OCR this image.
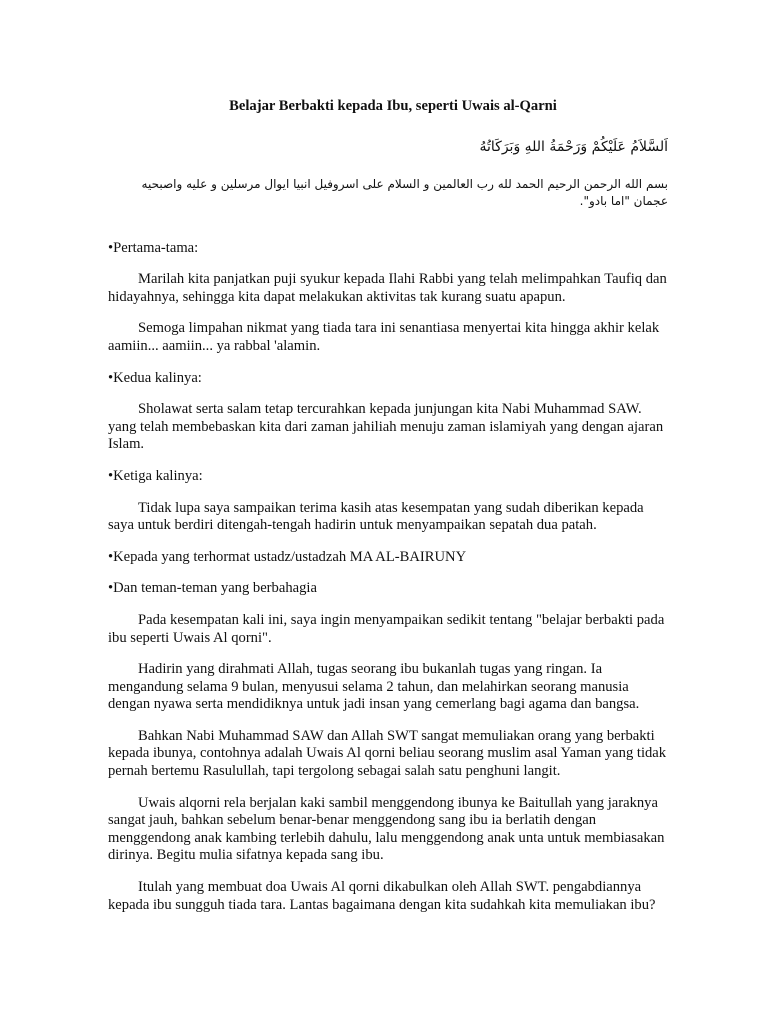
Belajar Berbakti kepada Ibu, seperti Uwais al-Qarni
اَلسَّلاَمُ عَلَيْكُمْ وَرَحْمَةُ اللهِ وَبَرَكَاتُهُ
بسم الله الرحمن الرحيم الحمد لله رب العالمين و السلام على اسروفيل انبيا ايوال مرسلين و عليه واصبحيه عجمان "اما بادو".
•Pertama-tama:
Marilah kita panjatkan puji syukur kepada Ilahi Rabbi yang telah melimpahkan Taufiq dan hidayahnya, sehingga kita dapat melakukan aktivitas tak kurang suatu apapun.
Semoga limpahan nikmat yang tiada tara ini senantiasa menyertai kita hingga akhir kelak aamiin... aamiin... ya rabbal 'alamin.
•Kedua kalinya:
Sholawat serta salam tetap tercurahkan kepada junjungan kita Nabi Muhammad SAW. yang telah membebaskan kita dari zaman jahiliah menuju zaman islamiyah yang dengan ajaran Islam.
•Ketiga kalinya:
Tidak lupa saya sampaikan terima kasih atas kesempatan yang sudah diberikan kepada saya untuk berdiri ditengah-tengah hadirin untuk menyampaikan sepatah dua patah.
•Kepada yang terhormat ustadz/ustadzah MA AL-BAIRUNY
•Dan teman-teman yang berbahagia
Pada kesempatan kali ini, saya ingin menyampaikan sedikit tentang "belajar berbakti pada ibu seperti Uwais Al qorni".
Hadirin yang dirahmati Allah, tugas seorang ibu bukanlah tugas yang ringan. Ia mengandung selama 9 bulan, menyusui selama 2 tahun, dan melahirkan seorang manusia dengan nyawa serta mendidiknya untuk jadi insan yang cemerlang bagi agama dan bangsa.
Bahkan Nabi Muhammad SAW dan Allah SWT sangat memuliakan orang yang berbakti kepada ibunya, contohnya adalah Uwais Al qorni beliau seorang muslim asal Yaman yang tidak pernah bertemu Rasulullah, tapi tergolong sebagai salah satu penghuni langit.
Uwais alqorni rela berjalan kaki sambil menggendong ibunya ke Baitullah yang jaraknya sangat jauh, bahkan sebelum benar-benar menggendong sang ibu ia berlatih dengan menggendong anak kambing terlebih dahulu, lalu menggendong anak unta untuk membiasakan dirinya. Begitu mulia sifatnya kepada sang ibu.
Itulah yang membuat doa Uwais Al qorni dikabulkan oleh Allah SWT. pengabdiannya kepada ibu sungguh tiada tara. Lantas bagaimana dengan kita sudahkah kita memuliakan ibu?
